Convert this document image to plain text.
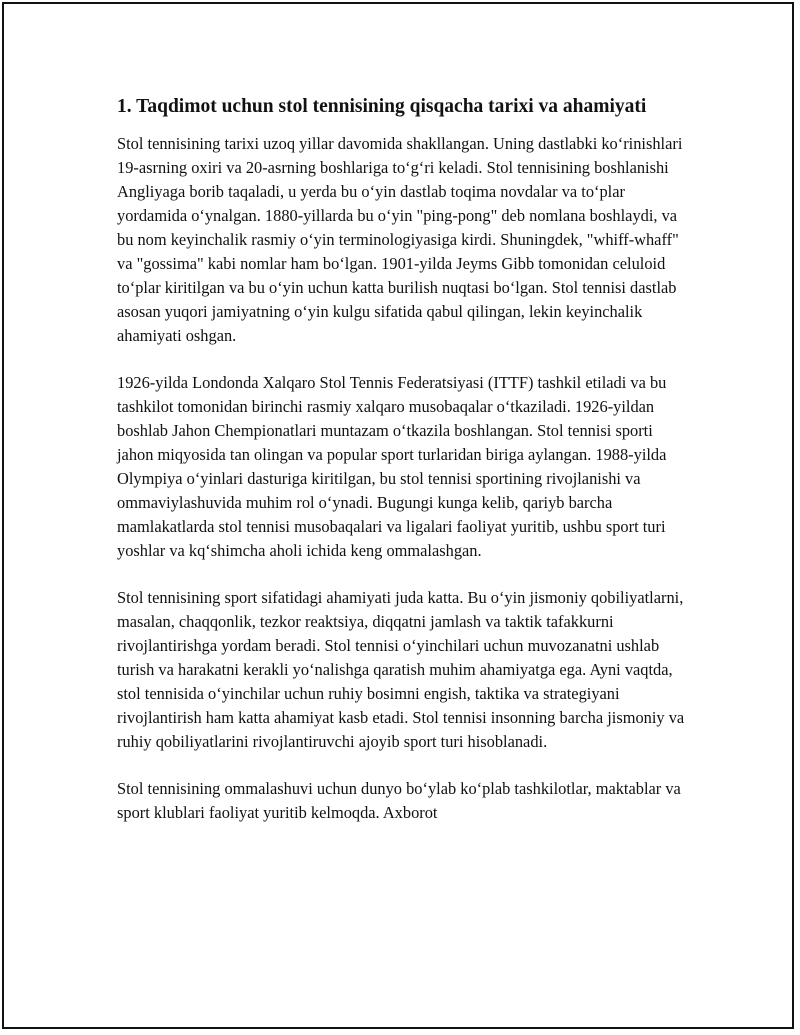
1. Taqdimot uchun stol tennisining qisqacha tarixi va ahamiyati

Stol tennisining tarixi uzoq yillar davomida shakllangan. Uning dastlabki koʻrinishlari 19-asrning oxiri va 20-asrning boshlariga toʻgʻri keladi. Stol tennisining boshlanishi Angliyaga borib taqaladi, u yerda bu oʻyin dastlab toqima novdalar va toʻplar yordamida oʻynalgan. 1880-yillarda bu oʻyin "ping-pong" deb nomlana boshlaydi, va bu nom keyinchalik rasmiy oʻyin terminologiyasiga kirdi. Shuningdek, "whiff-whaff" va "gossima" kabi nomlar ham boʻlgan. 1901-yilda Jeyms Gibb tomonidan celuloid toʻplar kiritilgan va bu oʻyin uchun katta burilish nuqtasi boʻlgan. Stol tennisi dastlab asosan yuqori jamiyatning oʻyin kulgu sifatida qabul qilingan, lekin keyinchalik ahamiyati oshgan.

1926-yilda Londonda Xalqaro Stol Tennis Federatsiyasi (ITTF) tashkil etiladi va bu tashkilot tomonidan birinchi rasmiy xalqaro musobaqalar oʻtkaziladi. 1926-yildan boshlab Jahon Chempionatlari muntazam oʻtkazila boshlangan. Stol tennisi sporti jahon miqyosida tan olingan va popular sport turlaridan biriga aylangan. 1988-yilda Olympiya oʻyinlari dasturiga kiritilgan, bu stol tennisi sportining rivojlanishi va ommaviylashuvida muhim rol oʻynadi. Bugungi kunga kelib, qariyb barcha mamlakatlarda stol tennisi musobaqalari va ligalari faoliyat yuritib, ushbu sport turi yoshlar va kqʻshimcha aholi ichida keng ommalashgan.

Stol tennisining sport sifatidagi ahamiyati juda katta. Bu oʻyin jismoniy qobiliyatlarni, masalan, chaqqonlik, tezkor reaktsiya, diqqatni jamlash va taktik tafakkurni rivojlantirishga yordam beradi. Stol tennisi oʻyinchilari uchun muvozanatni ushlab turish va harakatni kerakli yoʻnalishga qaratish muhim ahamiyatga ega. Ayni vaqtda, stol tennisida oʻyinchilar uchun ruhiy bosimni engish, taktika va strategiyani rivojlantirish ham katta ahamiyat kasb etadi. Stol tennisi insonning barcha jismoniy va ruhiy qobiliyatlarini rivojlantiruvchi ajoyib sport turi hisoblanadi.

Stol tennisining ommalashuvi uchun dunyo boʻylab koʻplab tashkilotlar, maktablar va sport klublari faoliyat yuritib kelmoqda. Axborot
